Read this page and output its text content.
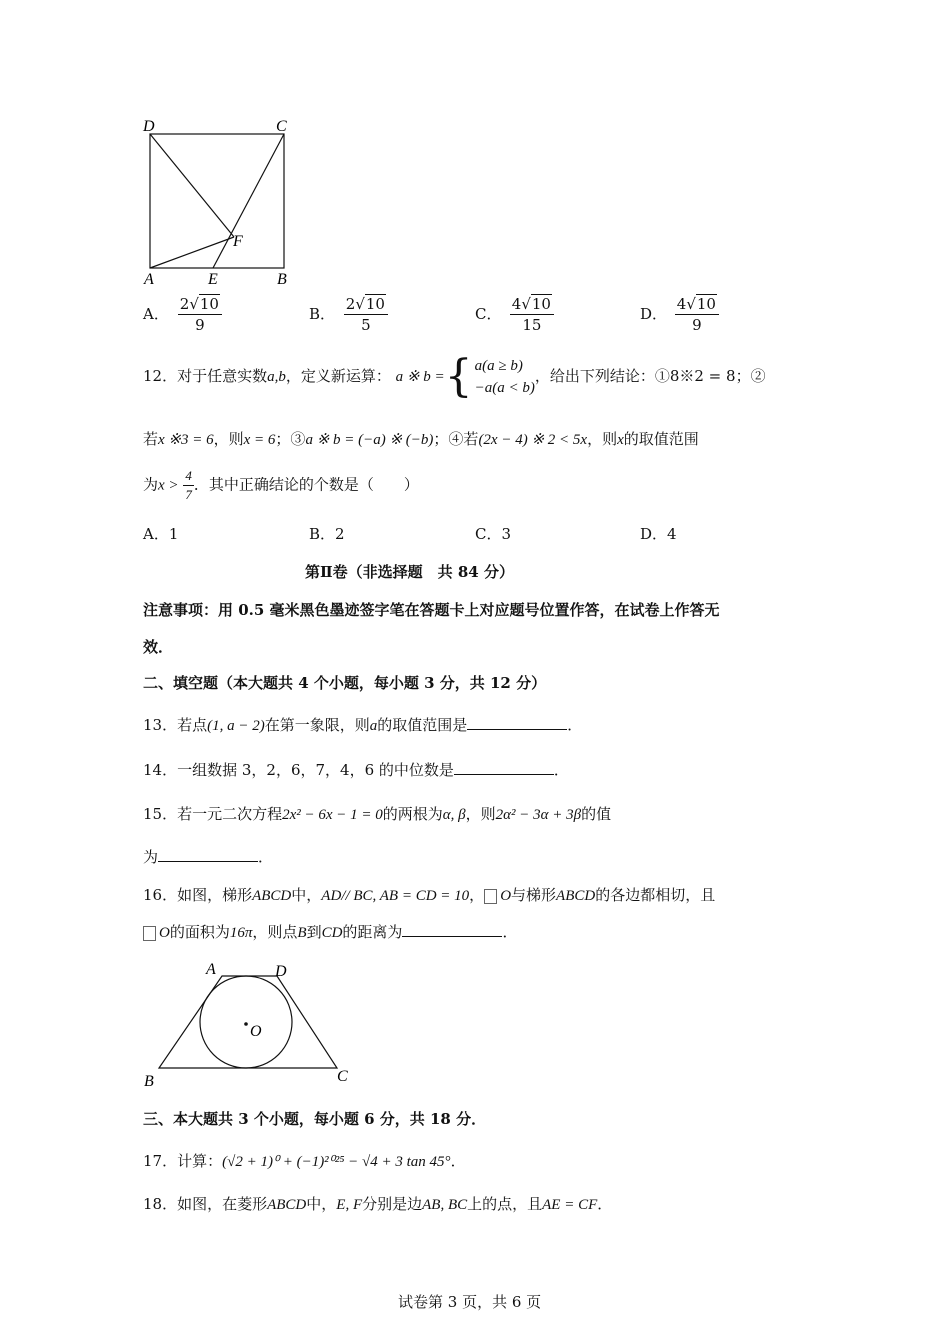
D	C
A	E	B
F
A． $\frac{2√10}{9}$	B． $\frac{2√10}{5}$	C． $\frac{4√10}{15}$	D． $\frac{4√10}{9}$
12．对于任意实数a,b，定义新运算： a ※ b ={ a(a ≥ b)
−a(a < b)
，给出下列结论：①8※2 = 8；②
若x ※3 = 6，则x = 6；③a ※ b = (−a) ※ (−b)；④若(2x − 4) ※ 2 < 5x，则x的取值范围
为$x > \frac{4}{7}$ ．其中正确结论的个数是（　　）
A．1	B．2	C．3	D．4
第Ⅱ卷（非选择题　共 84 分）
注意事项：用 0.5 毫米黑色墨迹签字笔在答题卡上对应题号位置作答，在试卷上作答无
效．
二、填空题（本大题共 4 个小题，每小题 3 分，共 12 分）
13．若点(1, a − 2)在第一象限，则a的取值范围是	．
14．一组数据 3，2，6，7，4，6 的中位数是	．
15．若一元二次方程2x² − 6x − 1 = 0的两根为α, β，则2α² − 3α + 3β的值
为	．
16．如图，梯形ABCD中，AD// BC, AB = CD = 10， O与梯形ABCD的各边都相切，且
O的面积为16π，则点B到CD的距离为	．
A	D
O
B	C
三、本大题共 3 个小题，每小题 6 分，共 18 分．
17．计算：(√2 + 1)⁰ + (−1)²⁰²⁵ − √4 + 3 tan 45°．
18．如图，在菱形ABCD中，E, F分别是边AB, BC上的点，且AE = CF．
试卷第 3 页，共 6 页
